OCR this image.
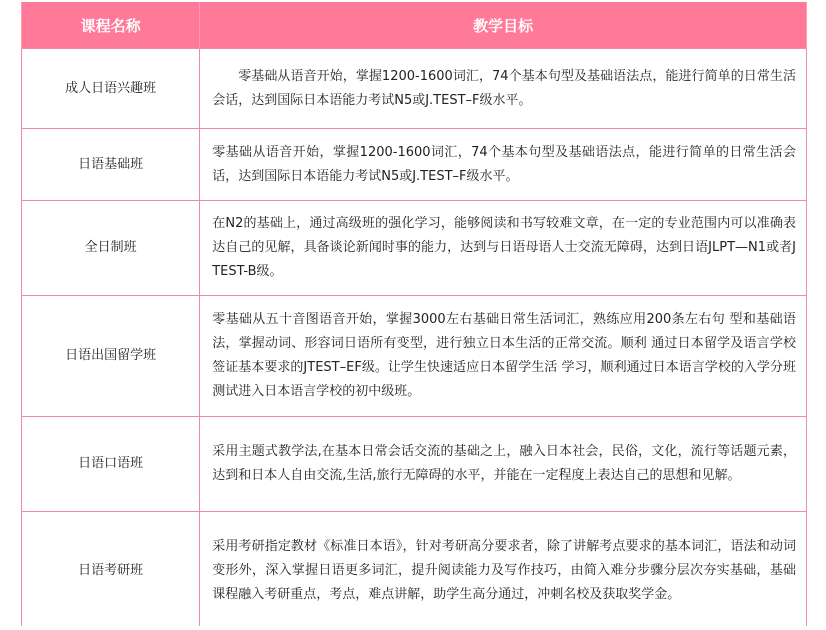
课程名称	教学目标
成人日语兴趣班	零基础从语音开始，掌握1200-1600词汇，74个基本句型及基础语法点，能进行简单的日常生活会话，达到国际日本语能力考试N5或J.TEST–F级水平。
日语基础班	零基础从语音开始，掌握1200-1600词汇，74个基本句型及基础语法点，能进行简单的日常生活会话，达到国际日本语能力考试N5或J.TEST–F级水平。
全日制班	在N2的基础上，通过高级班的强化学习，能够阅读和书写较难文章，在一定的专业范围内可以准确表达自己的见解，具备谈论新闻时事的能力，达到与日语母语人士交流无障碍，达到日语JLPT—N1或者JTEST-B级。
日语出国留学班	零基础从五十音图语音开始，掌握3000左右基础日常生活词汇，熟练应用200条左右句 型和基础语法，掌握动词、形容词日语所有变型，进行独立日本生活的正常交流。顺利 通过日本留学及语言学校签证基本要求的JTEST–EF级。让学生快速适应日本留学生活 学习，顺利通过日本语言学校的入学分班测试进入日本语言学校的初中级班。
日语口语班	采用主题式教学法,在基本日常会话交流的基础之上，融入日本社会，民俗，文化，流行等话题元素，达到和日本人自由交流,生活,旅行无障碍的水平，并能在一定程度上表达自己的思想和见解。
日语考研班	采用考研指定教材《标准日本语》，针对考研高分要求者，除了讲解考点要求的基本词汇，语法和动词变形外，深入掌握日语更多词汇，提升阅读能力及写作技巧，由简入难分步骤分层次夯实基础，基础课程融入考研重点，考点，难点讲解，助学生高分通过，冲刺名校及获取奖学金。
